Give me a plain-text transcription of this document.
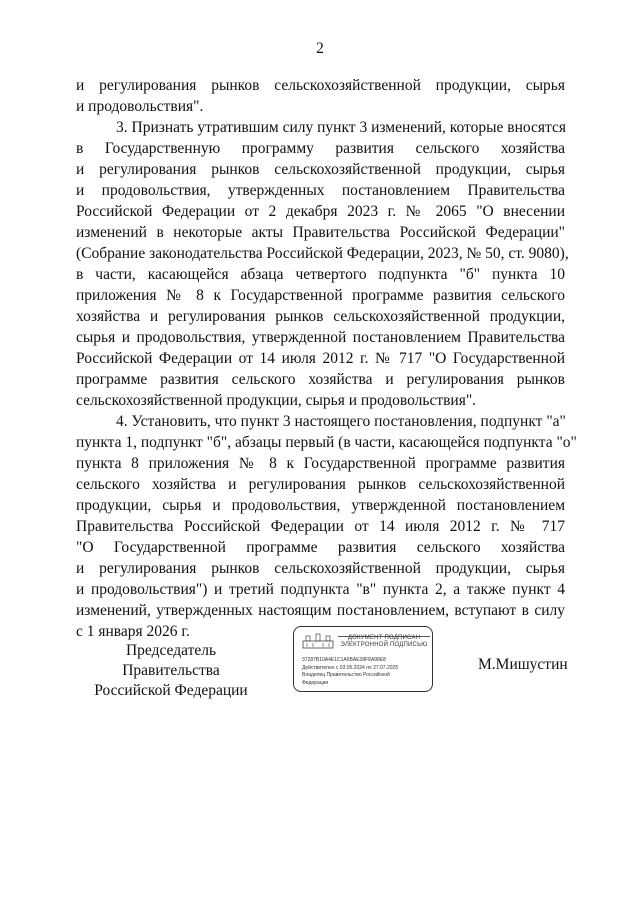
2
и регулирования рынков сельскохозяйственной продукции, сырья
и продовольствия".
3. Признать утратившим силу пункт 3 изменений, которые вносятся
в Государственную программу развития сельского хозяйства
и регулирования рынков сельскохозяйственной продукции, сырья
и продовольствия, утвержденных постановлением Правительства
Российской Федерации от 2 декабря 2023 г. № 2065 "О внесении
изменений в некоторые акты Правительства Российской Федерации"
(Собрание законодательства Российской Федерации, 2023, № 50, ст. 9080),
в части, касающейся абзаца четвертого подпункта "б" пункта 10
приложения № 8 к Государственной программе развития сельского
хозяйства и регулирования рынков сельскохозяйственной продукции,
сырья и продовольствия, утвержденной постановлением Правительства
Российской Федерации от 14 июля 2012 г. № 717 "О Государственной
программе развития сельского хозяйства и регулирования рынков
сельскохозяйственной продукции, сырья и продовольствия".
4. Установить, что пункт 3 настоящего постановления, подпункт "а"
пункта 1, подпункт "б", абзацы первый (в части, касающейся подпункта "о"
пункта 8 приложения № 8 к Государственной программе развития
сельского хозяйства и регулирования рынков сельскохозяйственной
продукции, сырья и продовольствия, утвержденной постановлением
Правительства Российской Федерации от 14 июля 2012 г. № 717
"О Государственной программе развития сельского хозяйства
и регулирования рынков сельскохозяйственной продукции, сырья
и продовольствия") и третий подпункта "в" пункта 2, а также пункт 4
изменений, утвержденных настоящим постановлением, вступают в силу
с 1 января 2026 г.
Председатель Правительства
Российской Федерации
ДОКУМЕНТ ПОДПИСАН
ЭЛЕКТРОННОЙ ПОДПИСЬЮ
37287B10A4E1C1A6BAE38F8A98E8
Действителен с 03.05.2024 по 27.07.2025
Владелец Правительство Российской
Федерации
М.Мишустин
